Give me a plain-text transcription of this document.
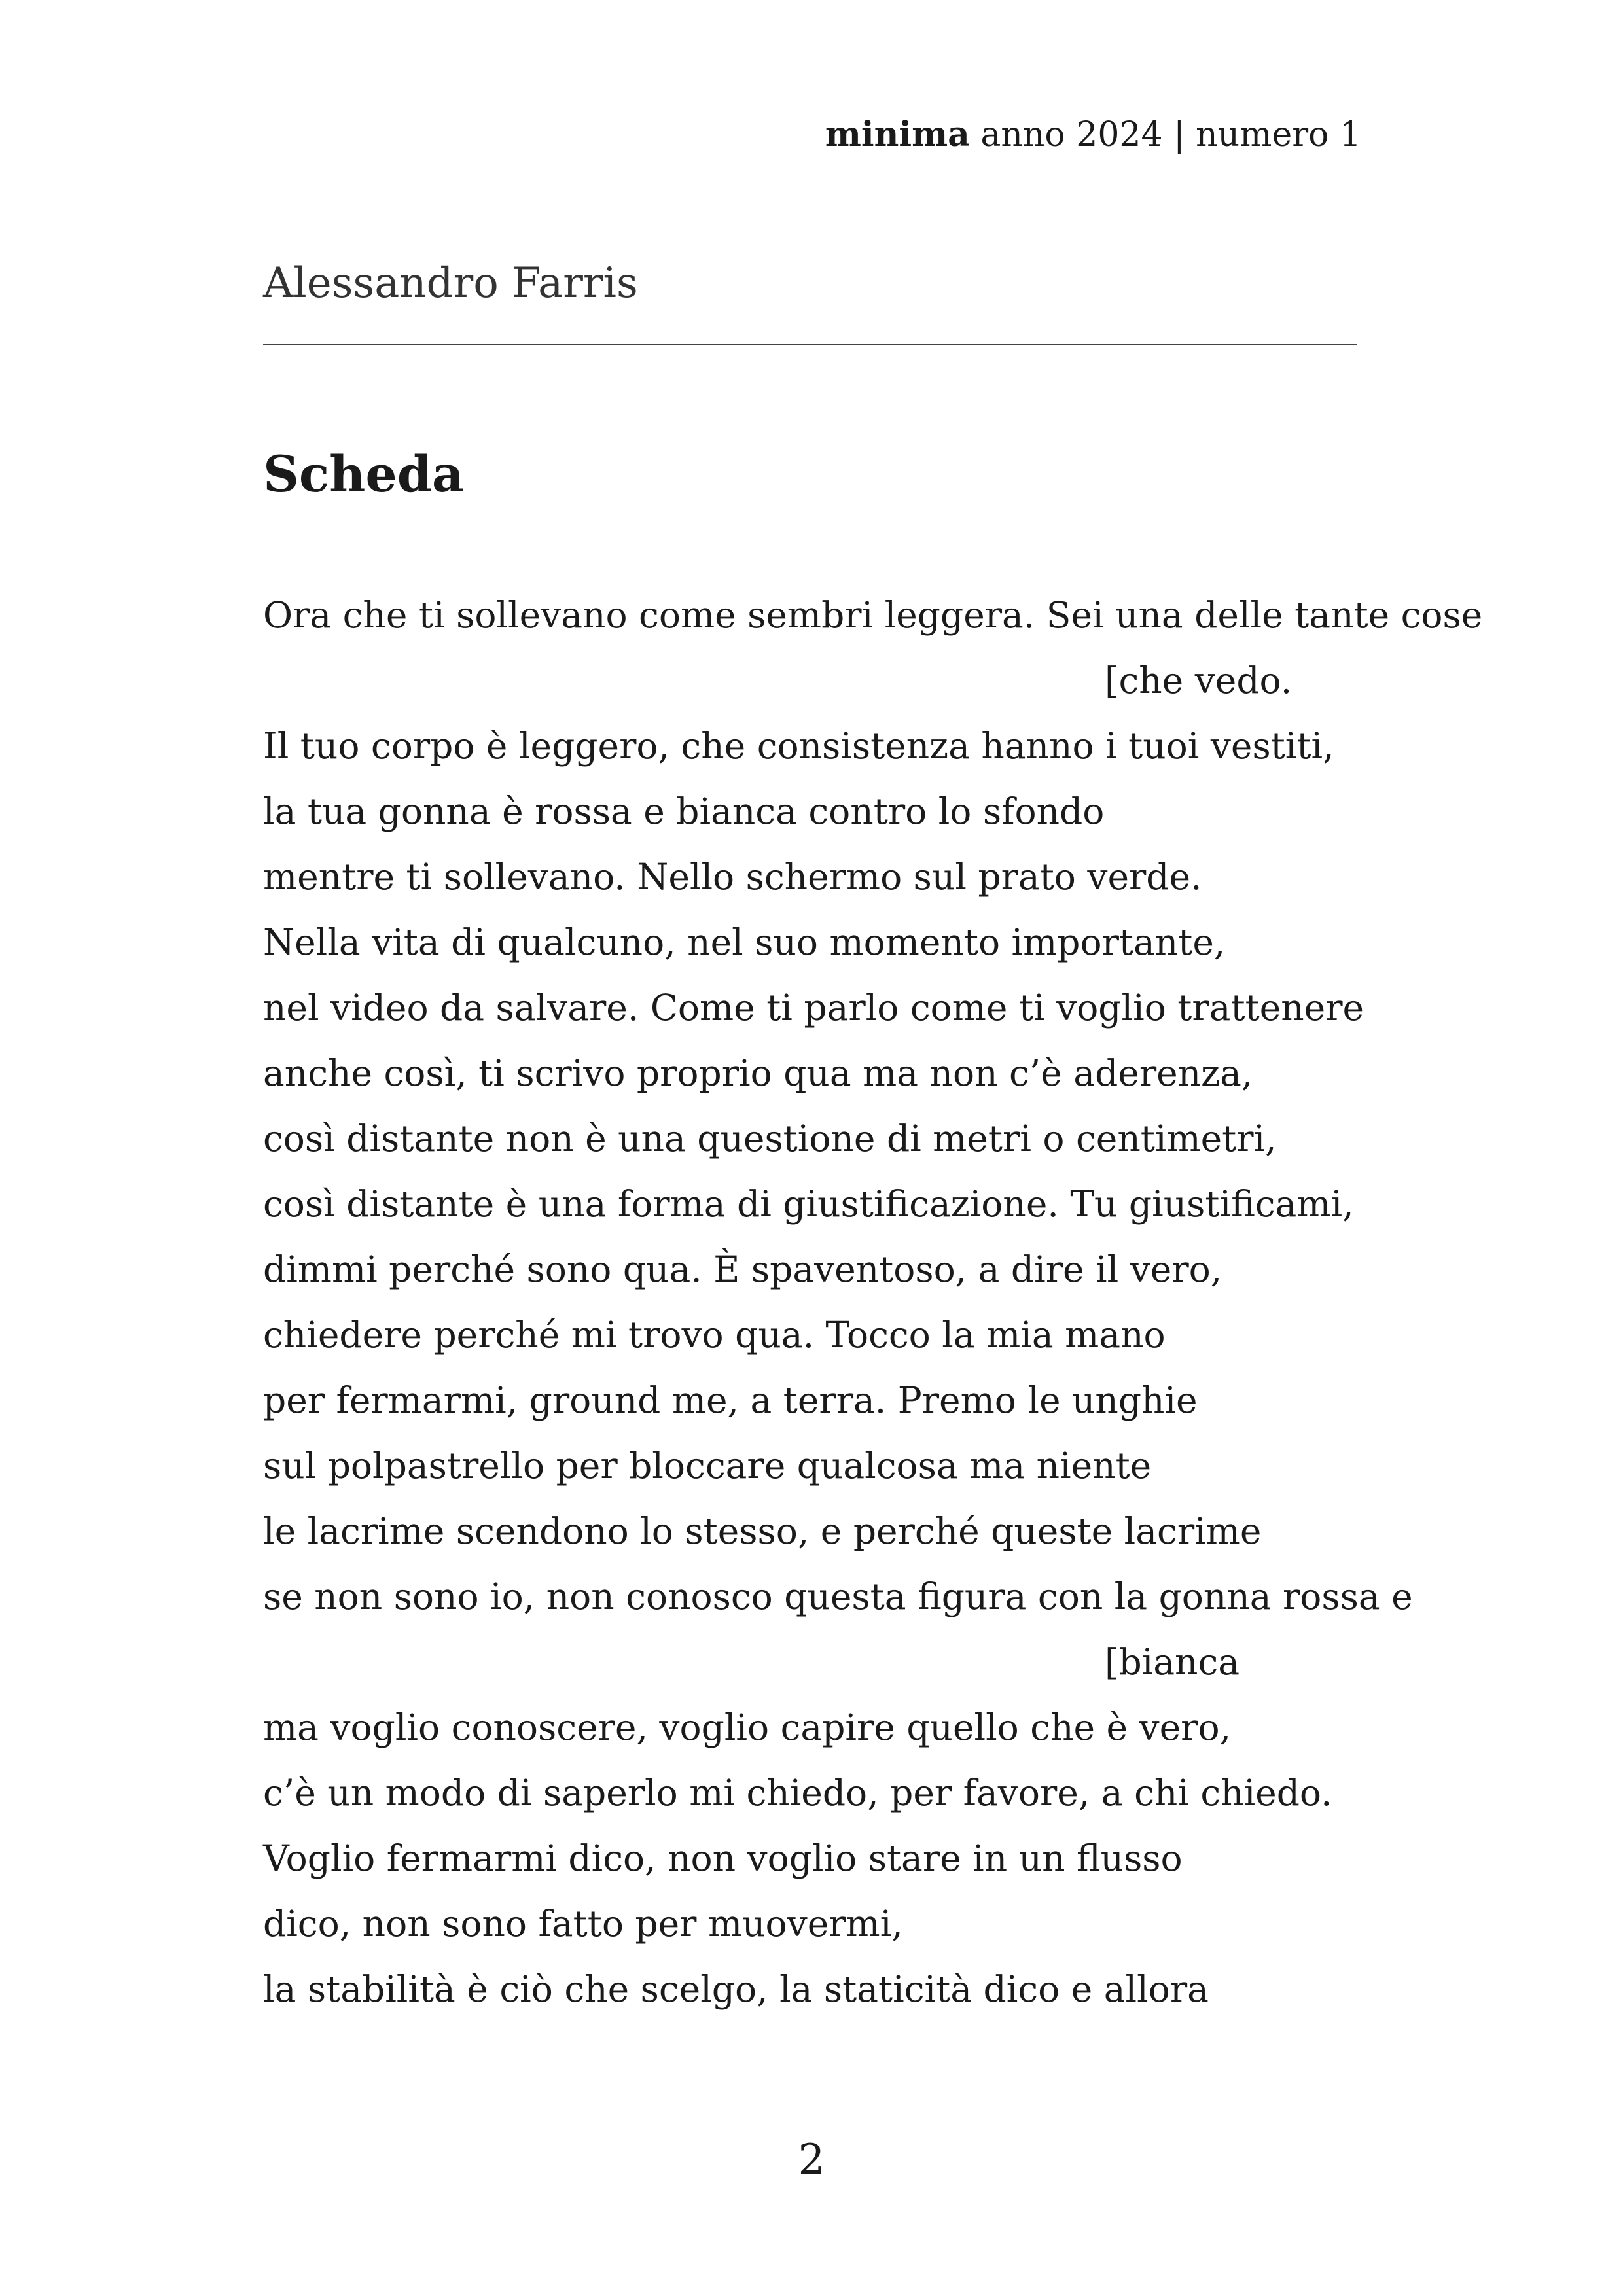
minima anno 2024 | numero 1
Alessandro Farris
Scheda
Ora che ti sollevano come sembri leggera. Sei una delle tante cose
[che vedo.
Il tuo corpo è leggero, che consistenza hanno i tuoi vestiti,
la tua gonna è rossa e bianca contro lo sfondo
mentre ti sollevano. Nello schermo sul prato verde.
Nella vita di qualcuno, nel suo momento importante,
nel video da salvare. Come ti parlo come ti voglio trattenere
anche così, ti scrivo proprio qua ma non c’è aderenza,
così distante non è una questione di metri o centimetri,
così distante è una forma di giustificazione. Tu giustificami,
dimmi perché sono qua. È spaventoso, a dire il vero,
chiedere perché mi trovo qua. Tocco la mia mano
per fermarmi, ground me, a terra. Premo le unghie
sul polpastrello per bloccare qualcosa ma niente
le lacrime scendono lo stesso, e perché queste lacrime
se non sono io, non conosco questa figura con la gonna rossa e
[bianca
ma voglio conoscere, voglio capire quello che è vero,
c’è un modo di saperlo mi chiedo, per favore, a chi chiedo.
Voglio fermarmi dico, non voglio stare in un flusso
dico, non sono fatto per muovermi,
la stabilità è ciò che scelgo, la staticità dico e allora
2
